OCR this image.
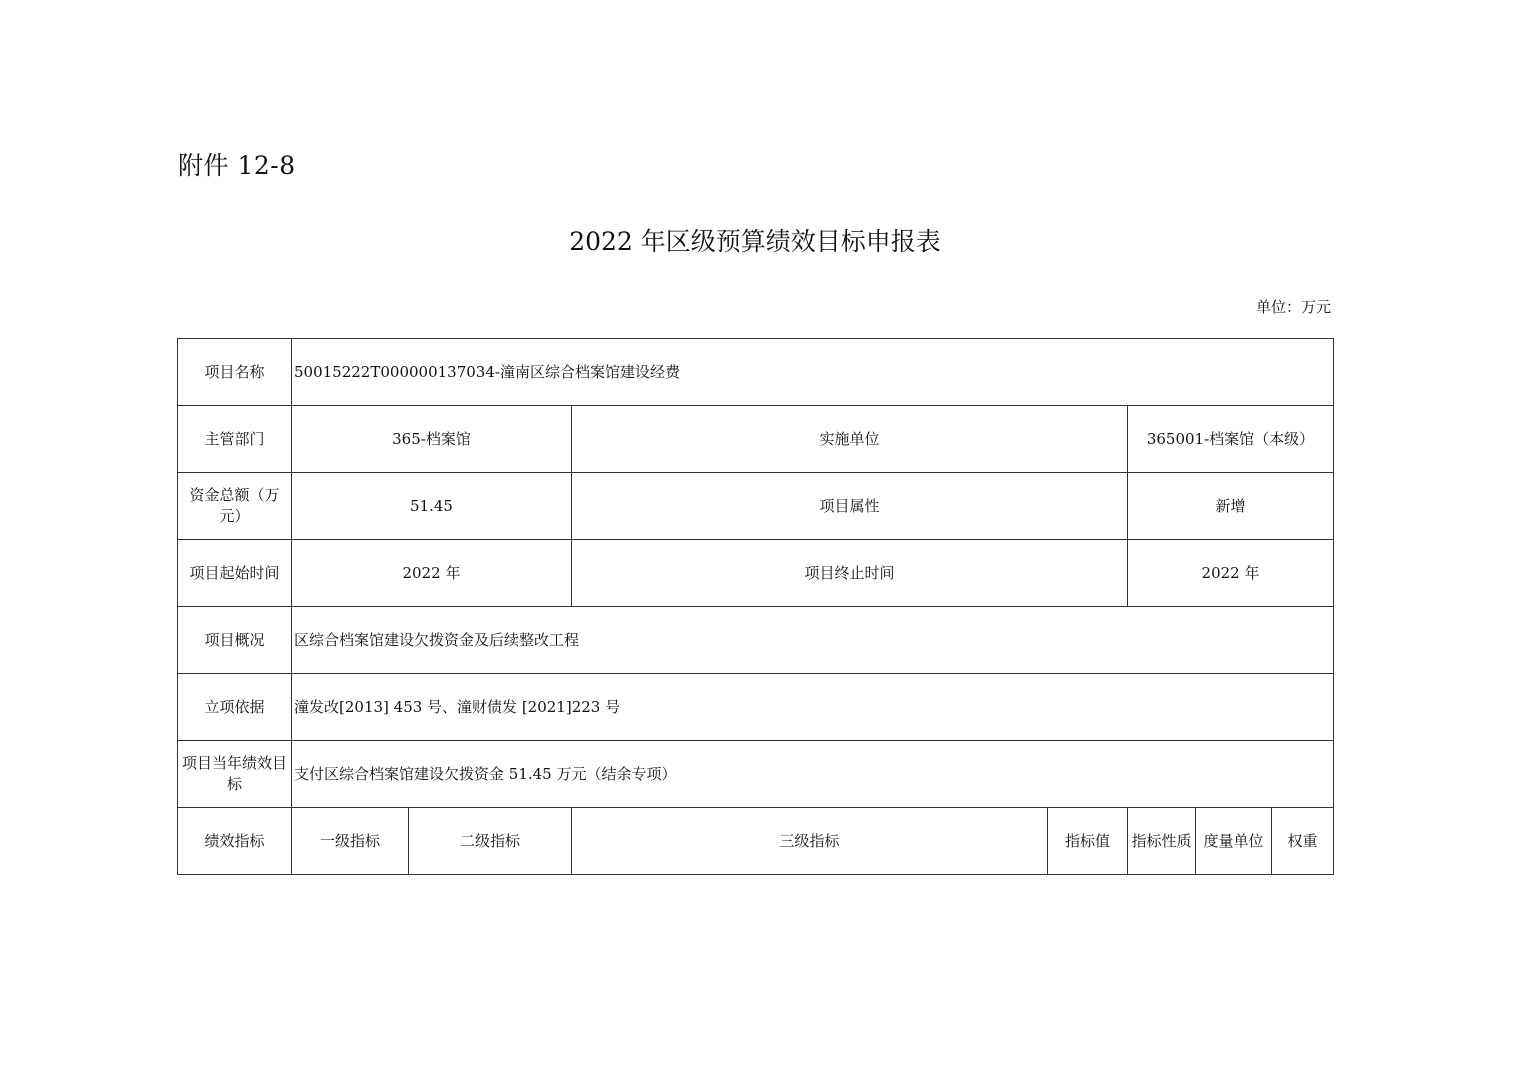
附件 12-8
2022 年区级预算绩效目标申报表
单位：万元
项目名称	50015222T000000137034-潼南区综合档案馆建设经费						
主管部门	365-档案馆		实施单位		365001-档案馆（本级）		
资金总额（万元）	51.45		项目属性		新增		
项目起始时间	2022 年		项目终止时间		2022 年		
项目概况	区综合档案馆建设欠拨资金及后续整改工程						
立项依据	潼发改[2013] 453 号、潼财债发 [2021]223 号						
项目当年绩效目标	支付区综合档案馆建设欠拨资金 51.45 万元（结余专项）						
绩效指标	一级指标	二级指标	三级指标	指标值	指标性质	度量单位	权重
